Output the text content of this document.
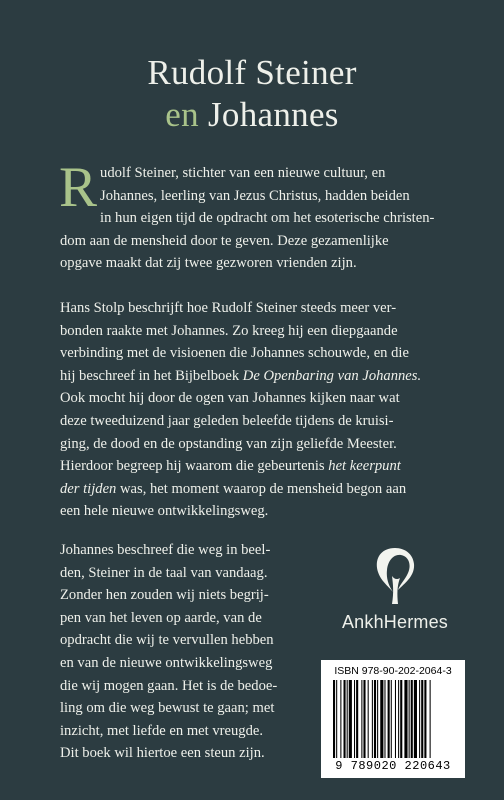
Rudolf Steiner
en Johannes
R udolf Steiner, stichter van een nieuwe cultuur, en
Johannes, leerling van Jezus Christus, hadden beiden
in hun eigen tijd de opdracht om het esoterische christen-
dom aan de mensheid door te geven. Deze gezamenlijke
opgave maakt dat zij twee gezworen vrienden zijn.
Hans Stolp beschrijft hoe Rudolf Steiner steeds meer ver-
bonden raakte met Johannes. Zo kreeg hij een diepgaande
verbinding met de visioenen die Johannes schouwde, en die
hij beschreef in het Bijbelboek De Openbaring van Johannes.
Ook mocht hij door de ogen van Johannes kijken naar wat
deze tweeduizend jaar geleden beleefde tijdens de kruisi-
ging, de dood en de opstanding van zijn geliefde Meester.
Hierdoor begreep hij waarom die gebeurtenis het keerpunt
der tijden was, het moment waarop de mensheid begon aan
een hele nieuwe ontwikkelingsweg.
Johannes beschreef die weg in beel-
den, Steiner in de taal van vandaag.
Zonder hen zouden wij niets begrij-
pen van het leven op aarde, van de
opdracht die wij te vervullen hebben
en van de nieuwe ontwikkelingsweg
die wij mogen gaan. Het is de bedoe-
ling om die weg bewust te gaan; met
inzicht, met liefde en met vreugde.
Dit boek wil hiertoe een steun zijn.
AnkhHermes
ISBN 978-90-202-2064-3
9 789020 220643
